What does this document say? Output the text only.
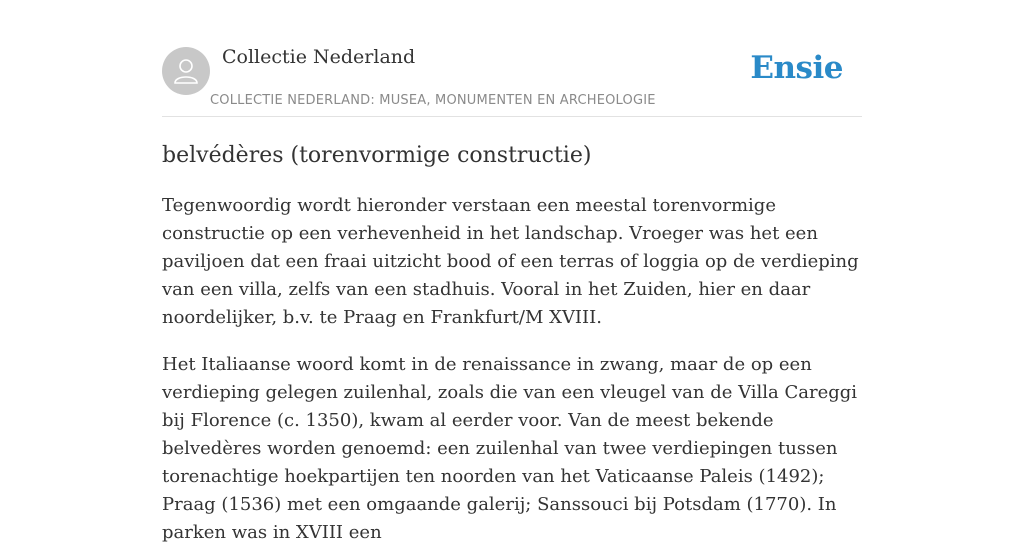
Collectie Nederland
COLLECTIE NEDERLAND: MUSEA, MONUMENTEN EN ARCHEOLOGIE
Ensie
belvédères (torenvormige constructie)

Tegenwoordig wordt hieronder verstaan een meestal torenvormige constructie op een verhevenheid in het landschap. Vroeger was het een paviljoen dat een fraai uitzicht bood of een terras of loggia op de verdieping van een villa, zelfs van een stadhuis. Vooral in het Zuiden, hier en daar noordelijker, b.v. te Praag en Frankfurt/M XVIII.

Het Italiaanse woord komt in de renaissance in zwang, maar de op een verdieping gelegen zuilenhal, zoals die van een vleugel van de Villa Careggi bij Florence (c. 1350), kwam al eerder voor. Van de meest bekende belvedères worden genoemd: een zuilenhal van twee verdiepingen tussen torenachtige hoekpartijen ten noorden van het Vaticaanse Paleis (1492); Praag (1536) met een omgaande galerij; Sanssouci bij Potsdam (1770). In parken was in XVIII een
